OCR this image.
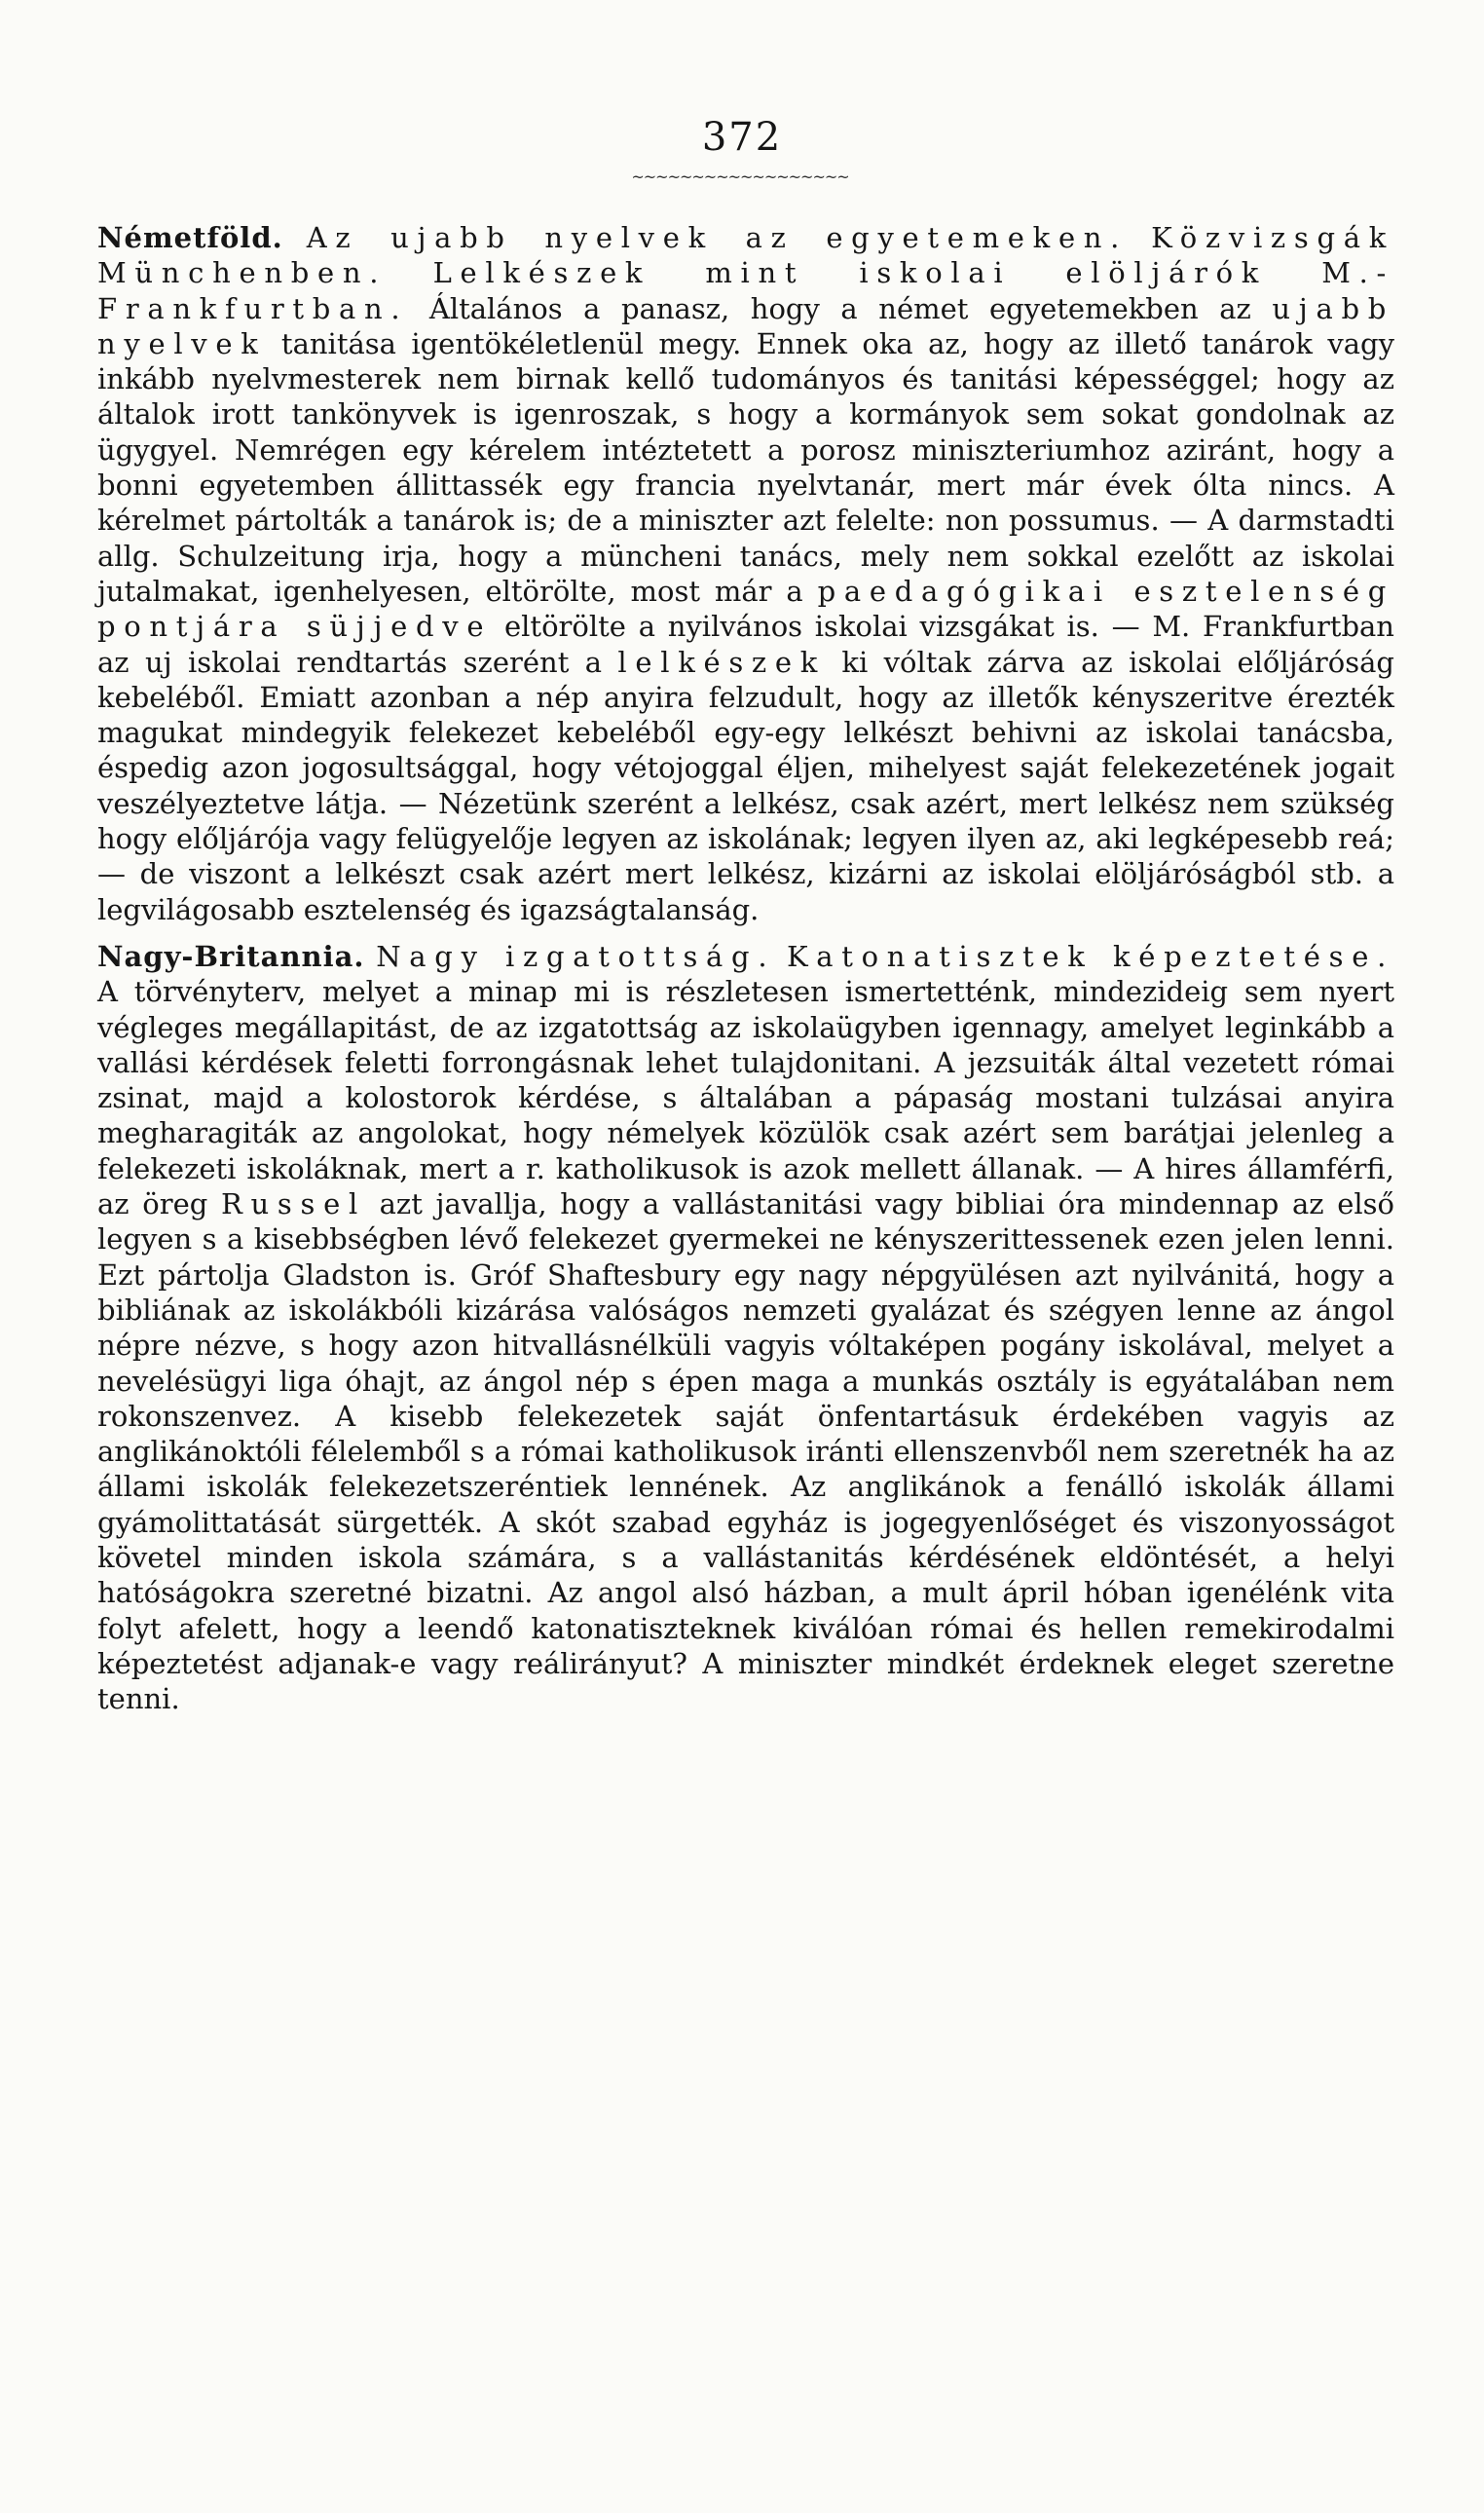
372
~~~~~~~~~~~~~~~~~~

Németföld. Az ujabb nyelvek az egyetemeken. Közvizsgák Münchenben. Lelkészek mint iskolai elöljárók M.-Frankfurtban. Általános a panasz, hogy a német egyetemekben az ujabb nyelvek tanitása igentökéletlenül megy. Ennek oka az, hogy az illető tanárok vagy inkább nyelvmesterek nem birnak kellő tudományos és tanitási képességgel; hogy az általok irott tankönyvek is igenroszak, s hogy a kormányok sem sokat gondolnak az ügygyel. Nemrégen egy kérelem intéztetett a porosz miniszteriumhoz aziránt, hogy a bonni egyetemben állittassék egy francia nyelvtanár, mert már évek ólta nincs. A kérelmet pártolták a tanárok is; de a miniszter azt felelte: non possumus. — A darmstadti allg. Schulzeitung irja, hogy a müncheni tanács, mely nem sokkal ezelőtt az iskolai jutalmakat, igenhelyesen, eltörölte, most már a paedagógikai esztelenség pontjára süjjedve eltörölte a nyilvános iskolai vizsgákat is. — M. Frankfurtban az uj iskolai rendtartás szerént a lelkészek ki vóltak zárva az iskolai előljáróság kebeléből. Emiatt azonban a nép anyira felzudult, hogy az illetők kényszeritve érezték magukat mindegyik felekezet kebeléből egy-egy lelkészt behivni az iskolai tanácsba, éspedig azon jogosultsággal, hogy vétojoggal éljen, mihelyest saját felekezetének jogait veszélyeztetve látja. — Nézetünk szerént a lelkész, csak azért, mert lelkész nem szükség hogy előljárója vagy felügyelője legyen az iskolának; legyen ilyen az, aki legképesebb reá; — de viszont a lelkészt csak azért mert lelkész, kizárni az iskolai elöljáróságból stb. a legvilágosabb esztelenség és igazságtalanság.

Nagy-Britannia. Nagy izgatottság. Katonatisztek képeztetése. A törvényterv, melyet a minap mi is részletesen ismertetténk, mindezideig sem nyert végleges megállapitást, de az izgatottság az iskolaügyben igennagy, amelyet leginkább a vallási kérdések feletti forrongásnak lehet tulajdonitani. A jezsuiták által vezetett római zsinat, majd a kolostorok kérdése, s általában a pápaság mostani tulzásai anyira megharagiták az angolokat, hogy némelyek közülök csak azért sem barátjai jelenleg a felekezeti iskoláknak, mert a r. katholikusok is azok mellett állanak. — A hires államférfi, az öreg Russel azt javallja, hogy a vallástanitási vagy bibliai óra mindennap az első legyen s a kisebbségben lévő felekezet gyermekei ne kényszerittessenek ezen jelen lenni. Ezt pártolja Gladston is. Gróf Shaftesbury egy nagy népgyülésen azt nyilvánitá, hogy a bibliának az iskolákbóli kizárása valóságos nemzeti gyalázat és szégyen lenne az ángol népre nézve, s hogy azon hitvallásnélküli vagyis vóltaképen pogány iskolával, melyet a nevelésügyi liga óhajt, az ángol nép s épen maga a munkás osztály is egyátalában nem rokonszenvez. A kisebb felekezetek saját önfentartásuk érdekében vagyis az anglikánoktóli félelemből s a római katholikusok iránti ellenszenvből nem szeretnék ha az állami iskolák felekezetszeréntiek lennének. Az anglikánok a fenálló iskolák állami gyámolittatását sürgették. A skót szabad egyház is jogegyenlőséget és viszonyosságot követel minden iskola számára, s a vallástanitás kérdésének eldöntését, a helyi hatóságokra szeretné bizatni. Az angol alsó házban, a mult ápril hóban igenélénk vita folyt afelett, hogy a leendő katonatiszteknek kiválóan római és hellen remekirodalmi képeztetést adjanak-e vagy reálirányut? A miniszter mindkét érdeknek eleget szeretne tenni.
